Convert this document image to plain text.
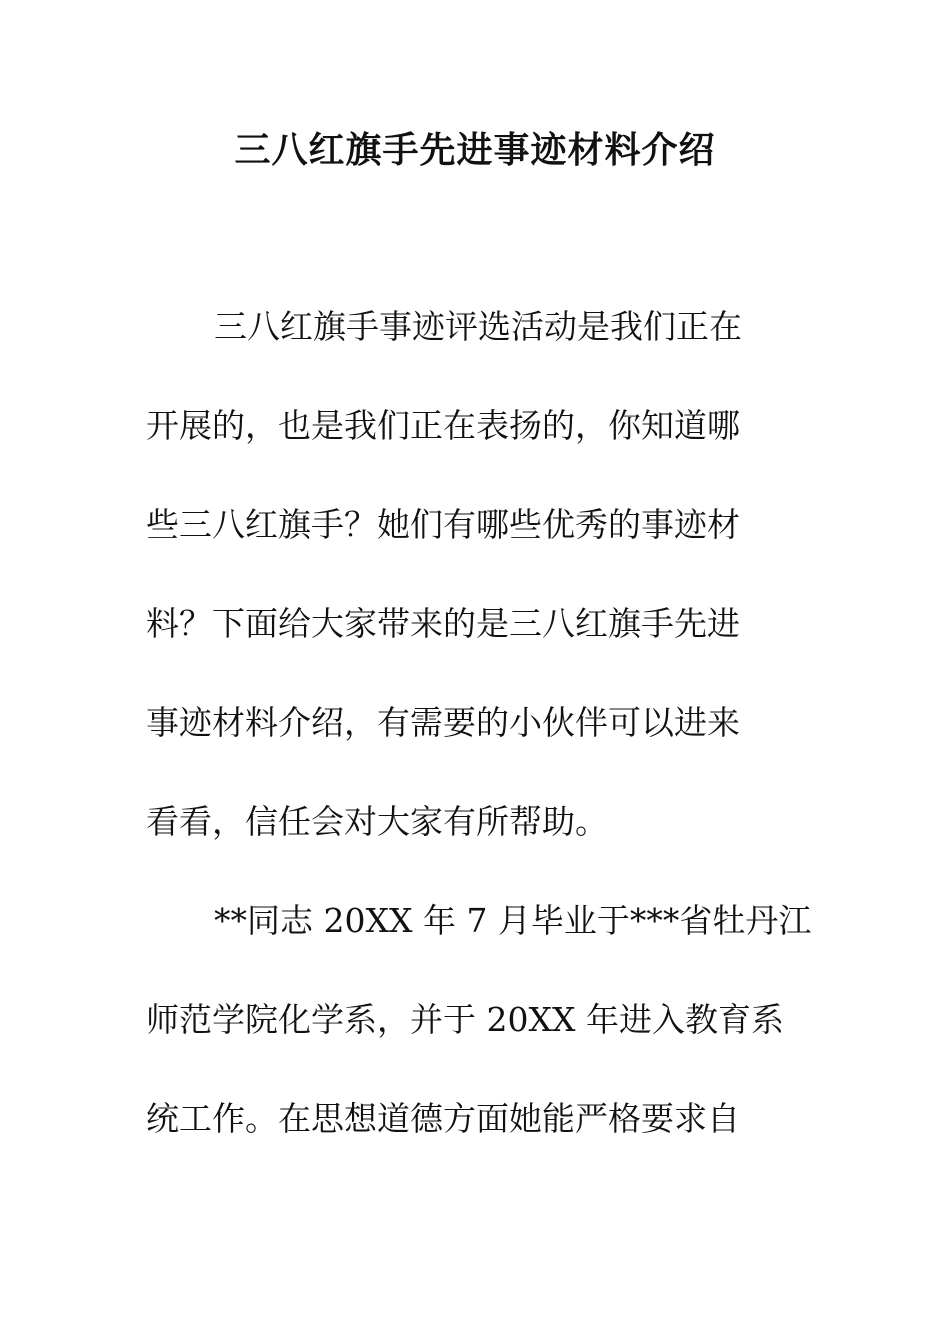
三八红旗手先进事迹材料介绍
三八红旗手事迹评选活动是我们正在
开展的，也是我们正在表扬的，你知道哪
些三八红旗手？她们有哪些优秀的事迹材
料？下面给大家带来的是三八红旗手先进
事迹材料介绍，有需要的小伙伴可以进来
看看，信任会对大家有所帮助。
**同志 20XX 年 7 月毕业于***省牡丹江
师范学院化学系，并于 20XX 年进入教育系
统工作。在思想道德方面她能严格要求自
